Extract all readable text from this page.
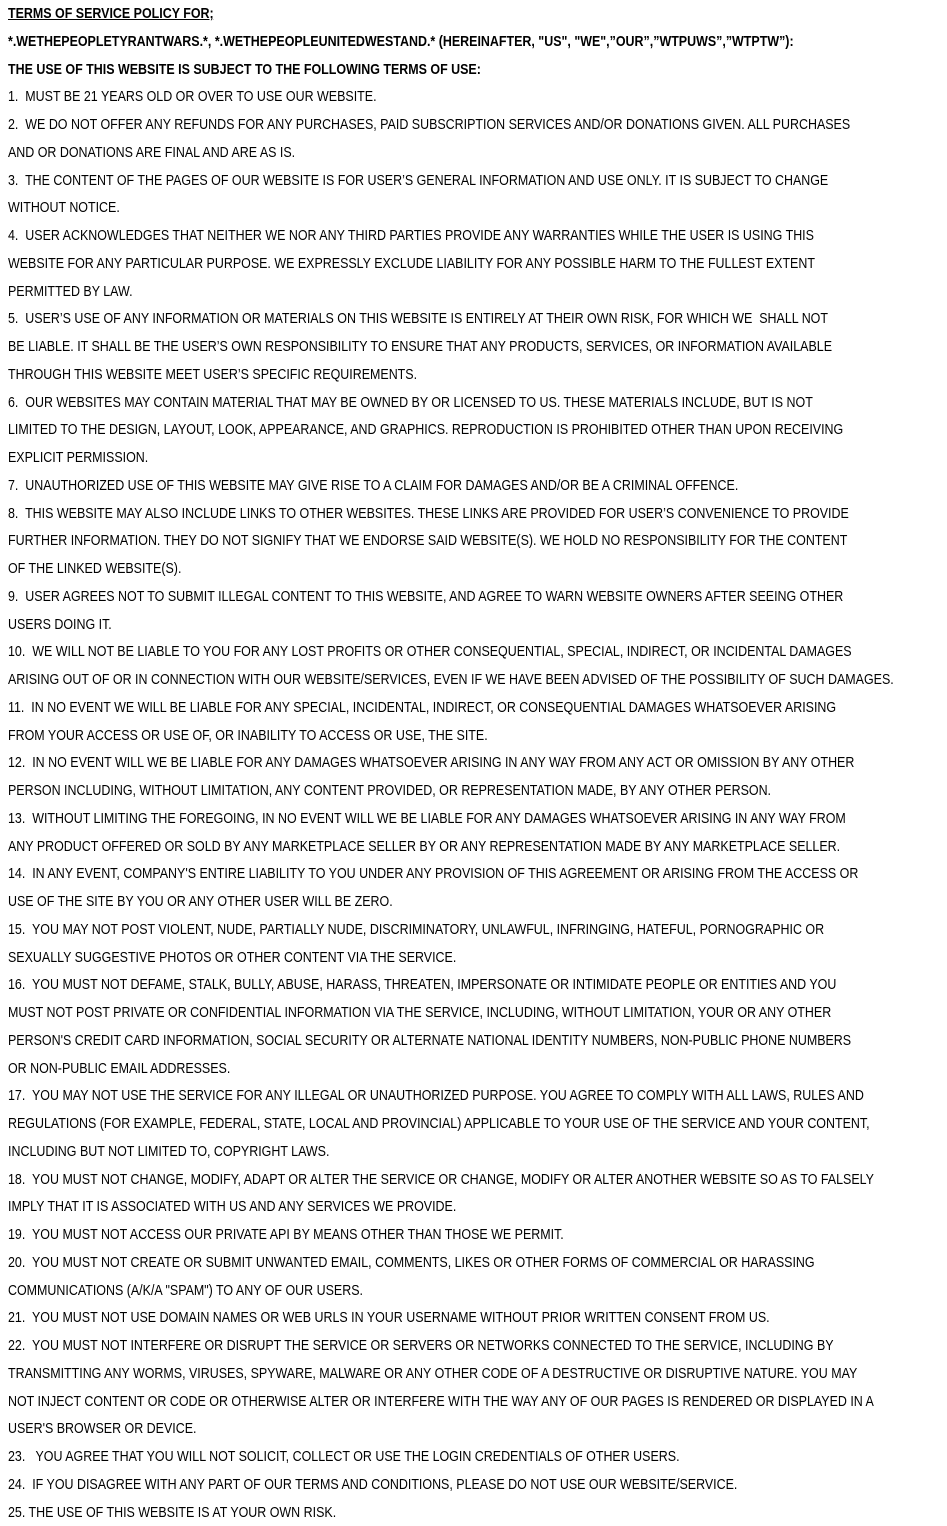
TERMS OF SERVICE POLICY FOR;
*.WETHEPEOPLETYRANTWARS.*, *.WETHEPEOPLEUNITEDWESTAND.* (HEREINAFTER, "US", "WE",”OUR”,”WTPUWS”,”WTPTW”):
THE USE OF THIS WEBSITE IS SUBJECT TO THE FOLLOWING TERMS OF USE:
1.  MUST BE 21 YEARS OLD OR OVER TO USE OUR WEBSITE.
2.  WE DO NOT OFFER ANY REFUNDS FOR ANY PURCHASES, PAID SUBSCRIPTION SERVICES AND/OR DONATIONS GIVEN. ALL PURCHASES
AND OR DONATIONS ARE FINAL AND ARE AS IS.
3.  THE CONTENT OF THE PAGES OF OUR WEBSITE IS FOR USER’S GENERAL INFORMATION AND USE ONLY. IT IS SUBJECT TO CHANGE
WITHOUT NOTICE.
4.  USER ACKNOWLEDGES THAT NEITHER WE NOR ANY THIRD PARTIES PROVIDE ANY WARRANTIES WHILE THE USER IS USING THIS
WEBSITE FOR ANY PARTICULAR PURPOSE. WE EXPRESSLY EXCLUDE LIABILITY FOR ANY POSSIBLE HARM TO THE FULLEST EXTENT
PERMITTED BY LAW.
5.  USER’S USE OF ANY INFORMATION OR MATERIALS ON THIS WEBSITE IS ENTIRELY AT THEIR OWN RISK, FOR WHICH WE  SHALL NOT
BE LIABLE. IT SHALL BE THE USER’S OWN RESPONSIBILITY TO ENSURE THAT ANY PRODUCTS, SERVICES, OR INFORMATION AVAILABLE
THROUGH THIS WEBSITE MEET USER’S SPECIFIC REQUIREMENTS.
6.  OUR WEBSITES MAY CONTAIN MATERIAL THAT MAY BE OWNED BY OR LICENSED TO US. THESE MATERIALS INCLUDE, BUT IS NOT
LIMITED TO THE DESIGN, LAYOUT, LOOK, APPEARANCE, AND GRAPHICS. REPRODUCTION IS PROHIBITED OTHER THAN UPON RECEIVING
EXPLICIT PERMISSION.
7.  UNAUTHORIZED USE OF THIS WEBSITE MAY GIVE RISE TO A CLAIM FOR DAMAGES AND/OR BE A CRIMINAL OFFENCE.
8.  THIS WEBSITE MAY ALSO INCLUDE LINKS TO OTHER WEBSITES. THESE LINKS ARE PROVIDED FOR USER’S CONVENIENCE TO PROVIDE
FURTHER INFORMATION. THEY DO NOT SIGNIFY THAT WE ENDORSE SAID WEBSITE(S). WE HOLD NO RESPONSIBILITY FOR THE CONTENT
OF THE LINKED WEBSITE(S).
9.  USER AGREES NOT TO SUBMIT ILLEGAL CONTENT TO THIS WEBSITE, AND AGREE TO WARN WEBSITE OWNERS AFTER SEEING OTHER
USERS DOING IT.
10.  WE WILL NOT BE LIABLE TO YOU FOR ANY LOST PROFITS OR OTHER CONSEQUENTIAL, SPECIAL, INDIRECT, OR INCIDENTAL DAMAGES
ARISING OUT OF OR IN CONNECTION WITH OUR WEBSITE/SERVICES, EVEN IF WE HAVE BEEN ADVISED OF THE POSSIBILITY OF SUCH DAMAGES.
11.  IN NO EVENT WE WILL BE LIABLE FOR ANY SPECIAL, INCIDENTAL, INDIRECT, OR CONSEQUENTIAL DAMAGES WHATSOEVER ARISING
FROM YOUR ACCESS OR USE OF, OR INABILITY TO ACCESS OR USE, THE SITE.
12.  IN NO EVENT WILL WE BE LIABLE FOR ANY DAMAGES WHATSOEVER ARISING IN ANY WAY FROM ANY ACT OR OMISSION BY ANY OTHER
PERSON INCLUDING, WITHOUT LIMITATION, ANY CONTENT PROVIDED, OR REPRESENTATION MADE, BY ANY OTHER PERSON.
13.  WITHOUT LIMITING THE FOREGOING, IN NO EVENT WILL WE BE LIABLE FOR ANY DAMAGES WHATSOEVER ARISING IN ANY WAY FROM
ANY PRODUCT OFFERED OR SOLD BY ANY MARKETPLACE SELLER BY OR ANY REPRESENTATION MADE BY ANY MARKETPLACE SELLER.
14.  IN ANY EVENT, COMPANY'S ENTIRE LIABILITY TO YOU UNDER ANY PROVISION OF THIS AGREEMENT OR ARISING FROM THE ACCESS OR
USE OF THE SITE BY YOU OR ANY OTHER USER WILL BE ZERO.
15.  YOU MAY NOT POST VIOLENT, NUDE, PARTIALLY NUDE, DISCRIMINATORY, UNLAWFUL, INFRINGING, HATEFUL, PORNOGRAPHIC OR
SEXUALLY SUGGESTIVE PHOTOS OR OTHER CONTENT VIA THE SERVICE.
16.  YOU MUST NOT DEFAME, STALK, BULLY, ABUSE, HARASS, THREATEN, IMPERSONATE OR INTIMIDATE PEOPLE OR ENTITIES AND YOU
MUST NOT POST PRIVATE OR CONFIDENTIAL INFORMATION VIA THE SERVICE, INCLUDING, WITHOUT LIMITATION, YOUR OR ANY OTHER
PERSON'S CREDIT CARD INFORMATION, SOCIAL SECURITY OR ALTERNATE NATIONAL IDENTITY NUMBERS, NON-PUBLIC PHONE NUMBERS
OR NON-PUBLIC EMAIL ADDRESSES.
17.  YOU MAY NOT USE THE SERVICE FOR ANY ILLEGAL OR UNAUTHORIZED PURPOSE. YOU AGREE TO COMPLY WITH ALL LAWS, RULES AND
REGULATIONS (FOR EXAMPLE, FEDERAL, STATE, LOCAL AND PROVINCIAL) APPLICABLE TO YOUR USE OF THE SERVICE AND YOUR CONTENT,
INCLUDING BUT NOT LIMITED TO, COPYRIGHT LAWS.
18.  YOU MUST NOT CHANGE, MODIFY, ADAPT OR ALTER THE SERVICE OR CHANGE, MODIFY OR ALTER ANOTHER WEBSITE SO AS TO FALSELY
IMPLY THAT IT IS ASSOCIATED WITH US AND ANY SERVICES WE PROVIDE.
19.  YOU MUST NOT ACCESS OUR PRIVATE API BY MEANS OTHER THAN THOSE WE PERMIT.
20.  YOU MUST NOT CREATE OR SUBMIT UNWANTED EMAIL, COMMENTS, LIKES OR OTHER FORMS OF COMMERCIAL OR HARASSING
COMMUNICATIONS (A/K/A "SPAM") TO ANY OF OUR USERS.
21.  YOU MUST NOT USE DOMAIN NAMES OR WEB URLS IN YOUR USERNAME WITHOUT PRIOR WRITTEN CONSENT FROM US.
22.  YOU MUST NOT INTERFERE OR DISRUPT THE SERVICE OR SERVERS OR NETWORKS CONNECTED TO THE SERVICE, INCLUDING BY
TRANSMITTING ANY WORMS, VIRUSES, SPYWARE, MALWARE OR ANY OTHER CODE OF A DESTRUCTIVE OR DISRUPTIVE NATURE. YOU MAY
NOT INJECT CONTENT OR CODE OR OTHERWISE ALTER OR INTERFERE WITH THE WAY ANY OF OUR PAGES IS RENDERED OR DISPLAYED IN A
USER'S BROWSER OR DEVICE.
23.   YOU AGREE THAT YOU WILL NOT SOLICIT, COLLECT OR USE THE LOGIN CREDENTIALS OF OTHER USERS.
24.  IF YOU DISAGREE WITH ANY PART OF OUR TERMS AND CONDITIONS, PLEASE DO NOT USE OUR WEBSITE/SERVICE.
25. THE USE OF THIS WEBSITE IS AT YOUR OWN RISK.
